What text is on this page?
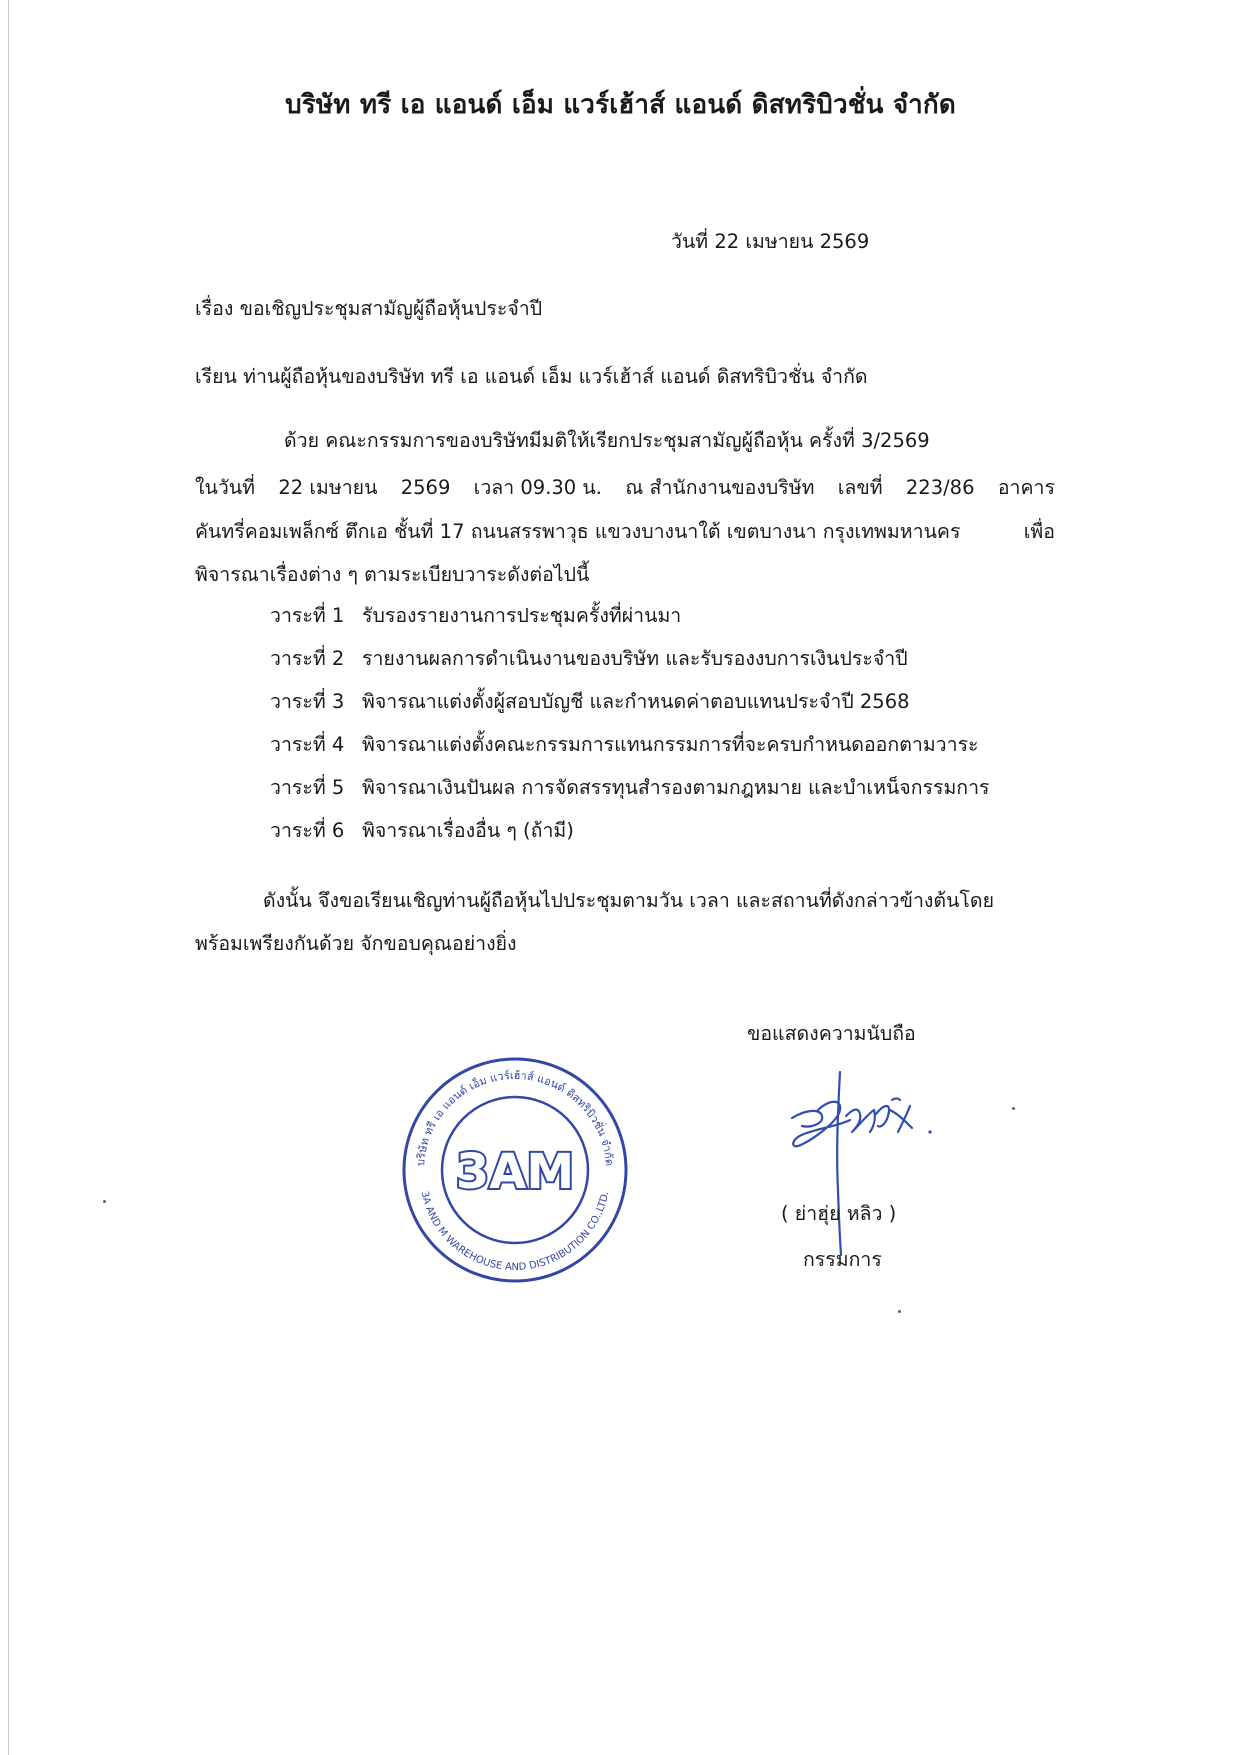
บริษัท ทรี เอ แอนด์ เอ็ม แวร์เฮ้าส์ แอนด์ ดิสทริบิวชั่น จำกัด
วันที่ 22 เมษายน 2569
เรื่อง ขอเชิญประชุมสามัญผู้ถือหุ้นประจำปี
เรียน ท่านผู้ถือหุ้นของบริษัท ทรี เอ แอนด์ เอ็ม แวร์เฮ้าส์ แอนด์ ดิสทริบิวชั่น จำกัด
ด้วย คณะกรรมการของบริษัทมีมติให้เรียกประชุมสามัญผู้ถือหุ้น ครั้งที่ 3/2569
ในวันที่ 22 เมษายน 2569 เวลา 09.30 น. ณ สำนักงานของบริษัท เลขที่ 223/86 อาคาร
คันทรี่คอมเพล็กซ์ ตึกเอ ชั้นที่ 17 ถนนสรรพาวุธ แขวงบางนาใต้ เขตบางนา กรุงเทพมหานคร	เพื่อ
พิจารณาเรื่องต่าง ๆ ตามระเบียบวาระดังต่อไปนี้
วาระที่ 1 รับรองรายงานการประชุมครั้งที่ผ่านมา
วาระที่ 2 รายงานผลการดำเนินงานของบริษัท และรับรองงบการเงินประจำปี
วาระที่ 3 พิจารณาแต่งตั้งผู้สอบบัญชี และกำหนดค่าตอบแทนประจำปี 2568
วาระที่ 4 พิจารณาแต่งตั้งคณะกรรมการแทนกรรมการที่จะครบกำหนดออกตามวาระ
วาระที่ 5 พิจารณาเงินปันผล การจัดสรรทุนสำรองตามกฎหมาย และบำเหน็จกรรมการ
วาระที่ 6 พิจารณาเรื่องอื่น ๆ (ถ้ามี)
ดังนั้น จึงขอเรียนเชิญท่านผู้ถือหุ้นไปประชุมตามวัน เวลา และสถานที่ดังกล่าวข้างต้นโดย
พร้อมเพรียงกันด้วย จักขอบคุณอย่างยิ่ง
ขอแสดงความนับถือ
บริษัท ทรี เอ แอนด์ เอ็ม แวร์เฮ้าส์ แอนด์ ดิสทริบิวชั่น จำกัด
3A AND M WAREHOUSE AND DISTRIBUTION CO.,LTD.
3AM
( ย่าฮุ่ย หลิว )
กรรมการ
